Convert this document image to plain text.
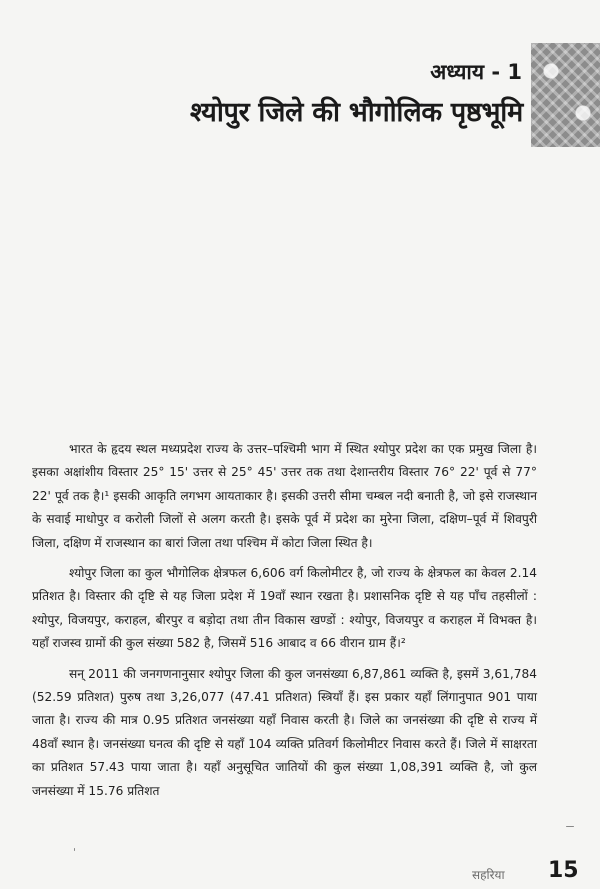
अध्याय - 1
श्योपुर जिले की भौगोलिक पृष्ठभूमि

भारत के हृदय स्थल मध्यप्रदेश राज्य के उत्तर–पश्चिमी भाग में स्थित श्योपुर प्रदेश का एक प्रमुख जिला है। इसका अक्षांशीय विस्तार 25° 15' उत्तर से 25° 45' उत्तर तक तथा देशान्तरीय विस्तार 76° 22' पूर्व से 77° 22' पूर्व तक है।¹ इसकी आकृति लगभग आयताकार है। इसकी उत्तरी सीमा चम्बल नदी बनाती है, जो इसे राजस्थान के सवाई माधोपुर व करोली जिलों से अलग करती है। इसके पूर्व में प्रदेश का मुरेना जिला, दक्षिण–पूर्व में शिवपुरी जिला, दक्षिण में राजस्थान का बारां जिला तथा पश्चिम में कोटा जिला स्थित है।

श्योपुर जिला का कुल भौगोलिक क्षेत्रफल 6,606 वर्ग किलोमीटर है, जो राज्य के क्षेत्रफल का केवल 2.14 प्रतिशत है। विस्तार की दृष्टि से यह जिला प्रदेश में 19वाँ स्थान रखता है। प्रशासनिक दृष्टि से यह पाँच तहसीलों : श्योपुर, विजयपुर, कराहल, बीरपुर व बड़ोदा तथा तीन विकास खण्डों : श्योपुर, विजयपुर व कराहल में विभक्त है। यहाँ राजस्व ग्रामों की कुल संख्या 582 है, जिसमें 516 आबाद व 66 वीरान ग्राम हैं।²

सन् 2011 की जनगणनानुसार श्योपुर जिला की कुल जनसंख्या 6,87,861 व्यक्ति है, इसमें 3,61,784 (52.59 प्रतिशत) पुरुष तथा 3,26,077 (47.41 प्रतिशत) स्त्रियाँ हैं। इस प्रकार यहाँ लिंगानुपात 901 पाया जाता है। राज्य की मात्र 0.95 प्रतिशत जनसंख्या यहाँ निवास करती है। जिले का जनसंख्या की दृष्टि से राज्य में 48वाँ स्थान है। जनसंख्या घनत्व की दृष्टि से यहाँ 104 व्यक्ति प्रतिवर्ग किलोमीटर निवास करते हैं। जिले में साक्षरता का प्रतिशत 57.43 पाया जाता है। यहाँ अनुसूचित जातियों की कुल संख्या 1,08,391 व्यक्ति है, जो कुल जनसंख्या में 15.76 प्रतिशत

सहरिया 15
